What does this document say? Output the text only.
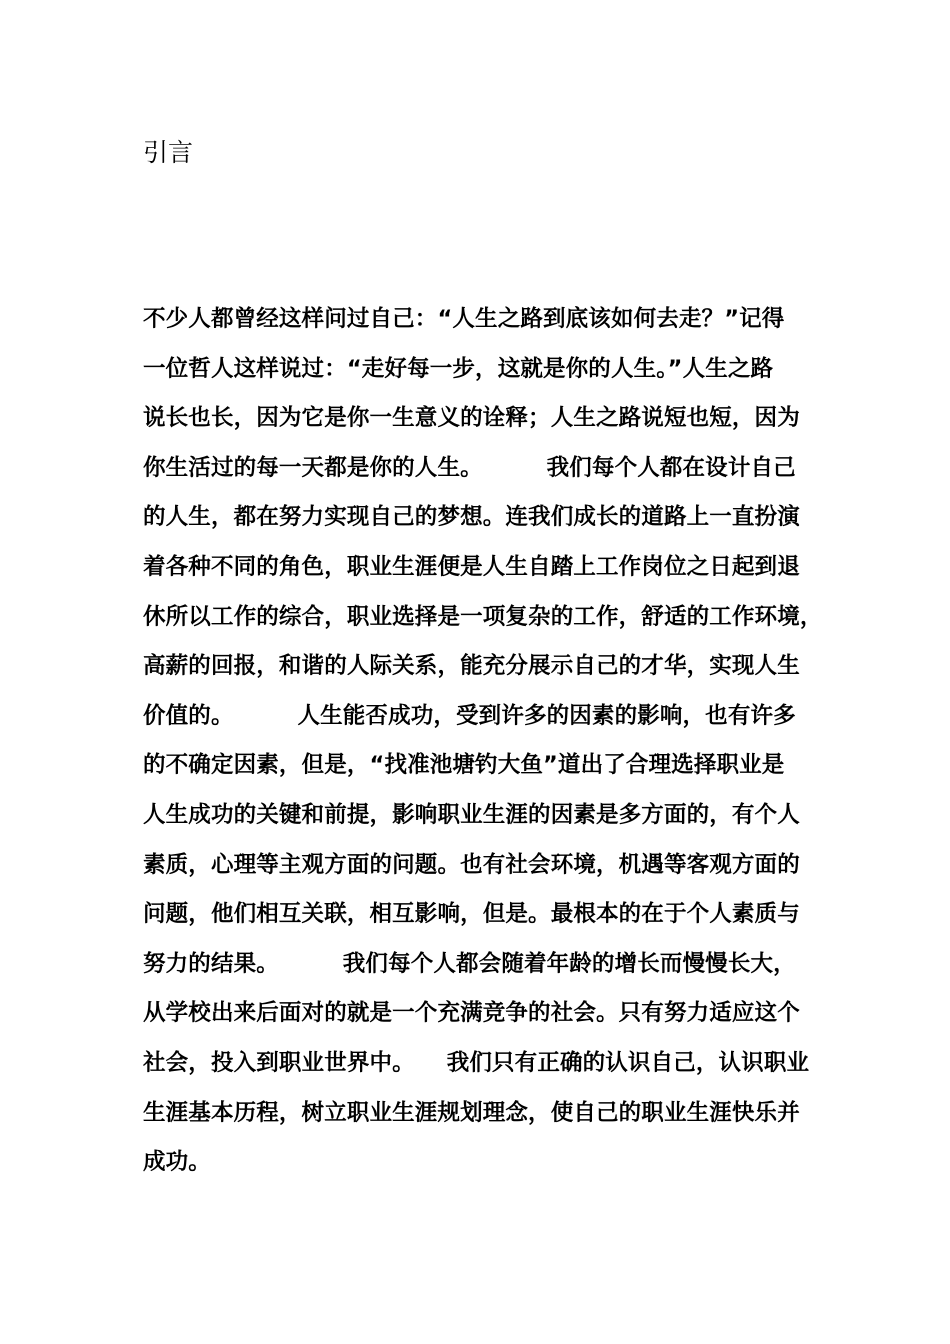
引言
不少人都曾经这样问过自己：“人生之路到底该如何去走？”记得
一位哲人这样说过：“走好每一步，这就是你的人生。”人生之路
说长也长，因为它是你一生意义的诠释；人生之路说短也短，因为
你生活过的每一天都是你的人生。        我们每个人都在设计自己
的人生，都在努力实现自己的梦想。连我们成长的道路上一直扮演
着各种不同的角色，职业生涯便是人生自踏上工作岗位之日起到退
休所以工作的综合，职业选择是一项复杂的工作，舒适的工作环境，
高薪的回报，和谐的人际关系，能充分展示自己的才华，实现人生
价值的。        人生能否成功，受到许多的因素的影响，也有许多
的不确定因素，但是，“找准池塘钓大鱼”道出了合理选择职业是
人生成功的关键和前提，影响职业生涯的因素是多方面的，有个人
素质，心理等主观方面的问题。也有社会环境，机遇等客观方面的
问题，他们相互关联，相互影响，但是。最根本的在于个人素质与
努力的结果。        我们每个人都会随着年龄的增长而慢慢长大，
从学校出来后面对的就是一个充满竞争的社会。只有努力适应这个
社会，投入到职业世界中。    我们只有正确的认识自己，认识职业
生涯基本历程，树立职业生涯规划理念，使自己的职业生涯快乐并
成功。
